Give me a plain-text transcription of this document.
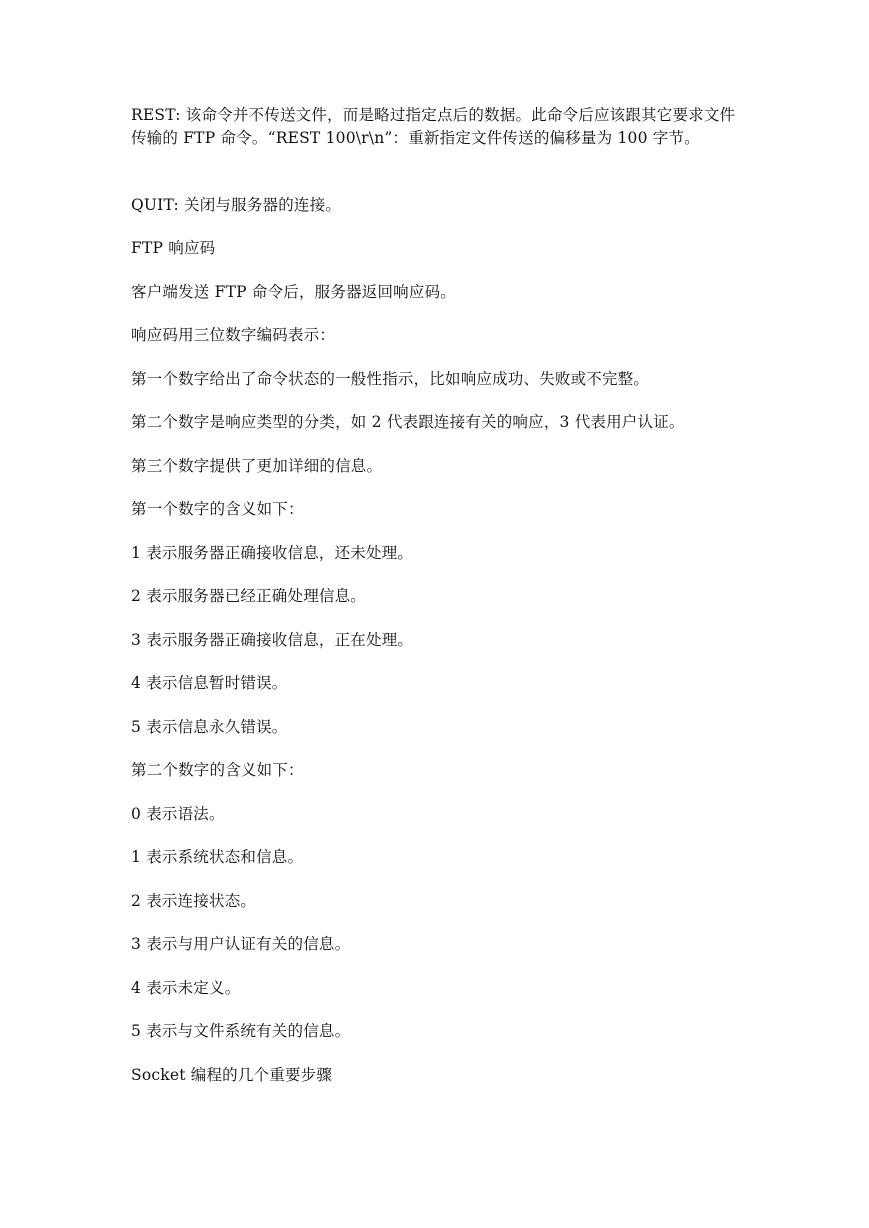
REST: 该命令并不传送文件，而是略过指定点后的数据。此命令后应该跟其它要求文件传输的 FTP 命令。“REST 100\r\n”：重新指定文件传送的偏移量为 100 字节。

QUIT: 关闭与服务器的连接。

FTP 响应码

客户端发送 FTP 命令后，服务器返回响应码。

响应码用三位数字编码表示：

第一个数字给出了命令状态的一般性指示，比如响应成功、失败或不完整。

第二个数字是响应类型的分类，如 2 代表跟连接有关的响应，3 代表用户认证。

第三个数字提供了更加详细的信息。

第一个数字的含义如下：

1 表示服务器正确接收信息，还未处理。

2 表示服务器已经正确处理信息。

3 表示服务器正确接收信息，正在处理。

4 表示信息暂时错误。

5 表示信息永久错误。

第二个数字的含义如下：

0 表示语法。

1 表示系统状态和信息。

2 表示连接状态。

3 表示与用户认证有关的信息。

4 表示未定义。

5 表示与文件系统有关的信息。

Socket 编程的几个重要步骤
